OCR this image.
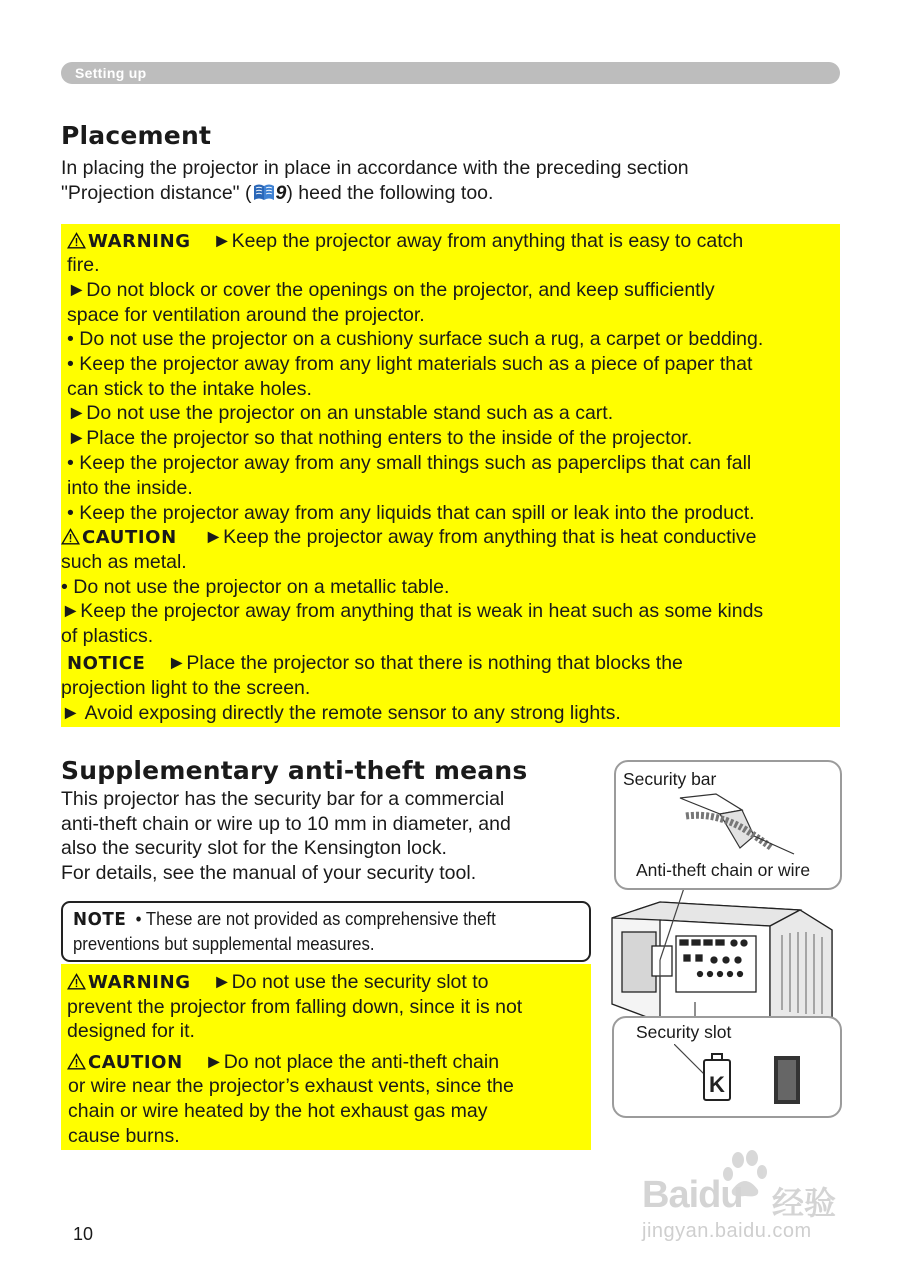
Setting up
Placement

In placing the projector in place in accordance with the preceding section
"Projection distance" ( 9) heed the following too.

WARNING ►Keep the projector away from anything that is easy to catch
fire.
►Do not block or cover the openings on the projector, and keep sufficiently
space for ventilation around the projector.
• Do not use the projector on a cushiony surface such a rug, a carpet or bedding.
• Keep the projector away from any light materials such as a piece of paper that
can stick to the intake holes.
►Do not use the projector on an unstable stand such as a cart.
►Place the projector so that nothing enters to the inside of the projector.
• Keep the projector away from any small things such as paperclips that can fall
into the inside.
• Keep the projector away from any liquids that can spill or leak into the product.
CAUTION ►Keep the projector away from anything that is heat conductive
such as metal.
• Do not use the projector on a metallic table.
►Keep the projector away from anything that is weak in heat such as some kinds
of plastics.
NOTICE ►Place the projector so that there is nothing that blocks the
projection light to the screen.
► Avoid exposing directly the remote sensor to any strong lights.
Supplementary anti-theft means
This projector has the security bar for a commercial
anti-theft chain or wire up to 10 mm in diameter, and
also the security slot for the Kensington lock.
For details, see the manual of your security tool.
NOTE • These are not provided as comprehensive theft
preventions but supplemental measures.
WARNING ►Do not use the security slot to
prevent the projector from falling down, since it is not
designed for it.
CAUTION ►Do not place the anti-theft chain
or wire near the projector’s exhaust vents, since the
chain or wire heated by the hot exhaust gas may
cause burns.
Security bar
Anti-theft chain or wire
Security slot
K
10
Baidu 经验
jingyan.baidu.com
